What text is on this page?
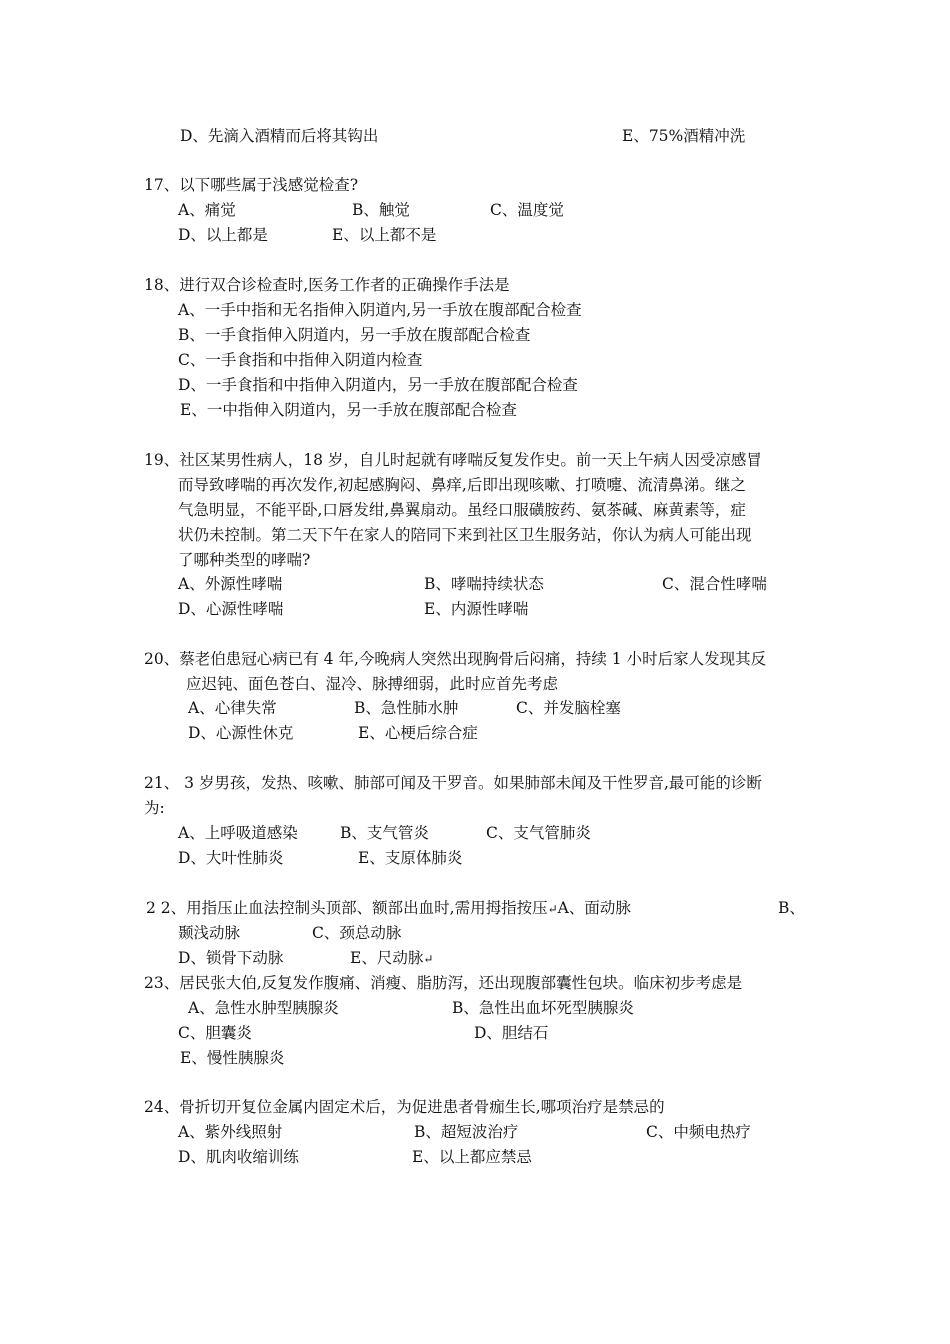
D、先滴入酒精而后将其钩出	E、75%酒精冲洗
17、以下哪些属于浅感觉检查?
A、痛觉	B、触觉	C、温度觉
D、以上都是	E、以上都不是
18、进行双合诊检查时,医务工作者的正确操作手法是
A、一手中指和无名指伸入阴道内,另一手放在腹部配合检查
B、一手食指伸入阴道内，另一手放在腹部配合检查
C、一手食指和中指伸入阴道内检查
D、一手食指和中指伸入阴道内，另一手放在腹部配合检查
E、一中指伸入阴道内，另一手放在腹部配合检查
19、社区某男性病人，18 岁，自儿时起就有哮喘反复发作史。前一天上午病人因受凉感冒
而导致哮喘的再次发作,初起感胸闷、鼻痒,后即出现咳嗽、打喷嚏、流清鼻涕。继之
气急明显，不能平卧,口唇发绀,鼻翼扇动。虽经口服磺胺药、氨茶碱、麻黄素等，症
状仍未控制。第二天下午在家人的陪同下来到社区卫生服务站，你认为病人可能出现
了哪种类型的哮喘?
A、外源性哮喘	B、哮喘持续状态	C、混合性哮喘
D、心源性哮喘	E、内源性哮喘
20、蔡老伯患冠心病已有 4 年,今晚病人突然出现胸骨后闷痛，持续 1 小时后家人发现其反
应迟钝、面色苍白、湿冷、脉搏细弱，此时应首先考虑
A、心律失常	B、急性肺水肿	C、并发脑栓塞
D、心源性休克	E、心梗后综合症
21、 3 岁男孩，发热、咳嗽、肺部可闻及干罗音。如果肺部未闻及干性罗音,最可能的诊断
为:
A、上呼吸道感染	B、支气管炎	C、支气管肺炎
D、大叶性肺炎	E、支原体肺炎
2 2、用指压止血法控制头顶部、额部出血时,需用拇指按压↵A、面动脉	B、
颞浅动脉	C、颈总动脉
D、锁骨下动脉	E、尺动脉↵
23、居民张大伯,反复发作腹痛、消瘦、脂肪泻，还出现腹部囊性包块。临床初步考虑是
A、急性水肿型胰腺炎	B、急性出血坏死型胰腺炎
C、胆囊炎	D、胆结石
E、慢性胰腺炎
24、骨折切开复位金属内固定术后，为促进患者骨痂生长,哪项治疗是禁忌的
A、紫外线照射	B、超短波治疗	C、中频电热疗
D、肌肉收缩训练	E、以上都应禁忌
